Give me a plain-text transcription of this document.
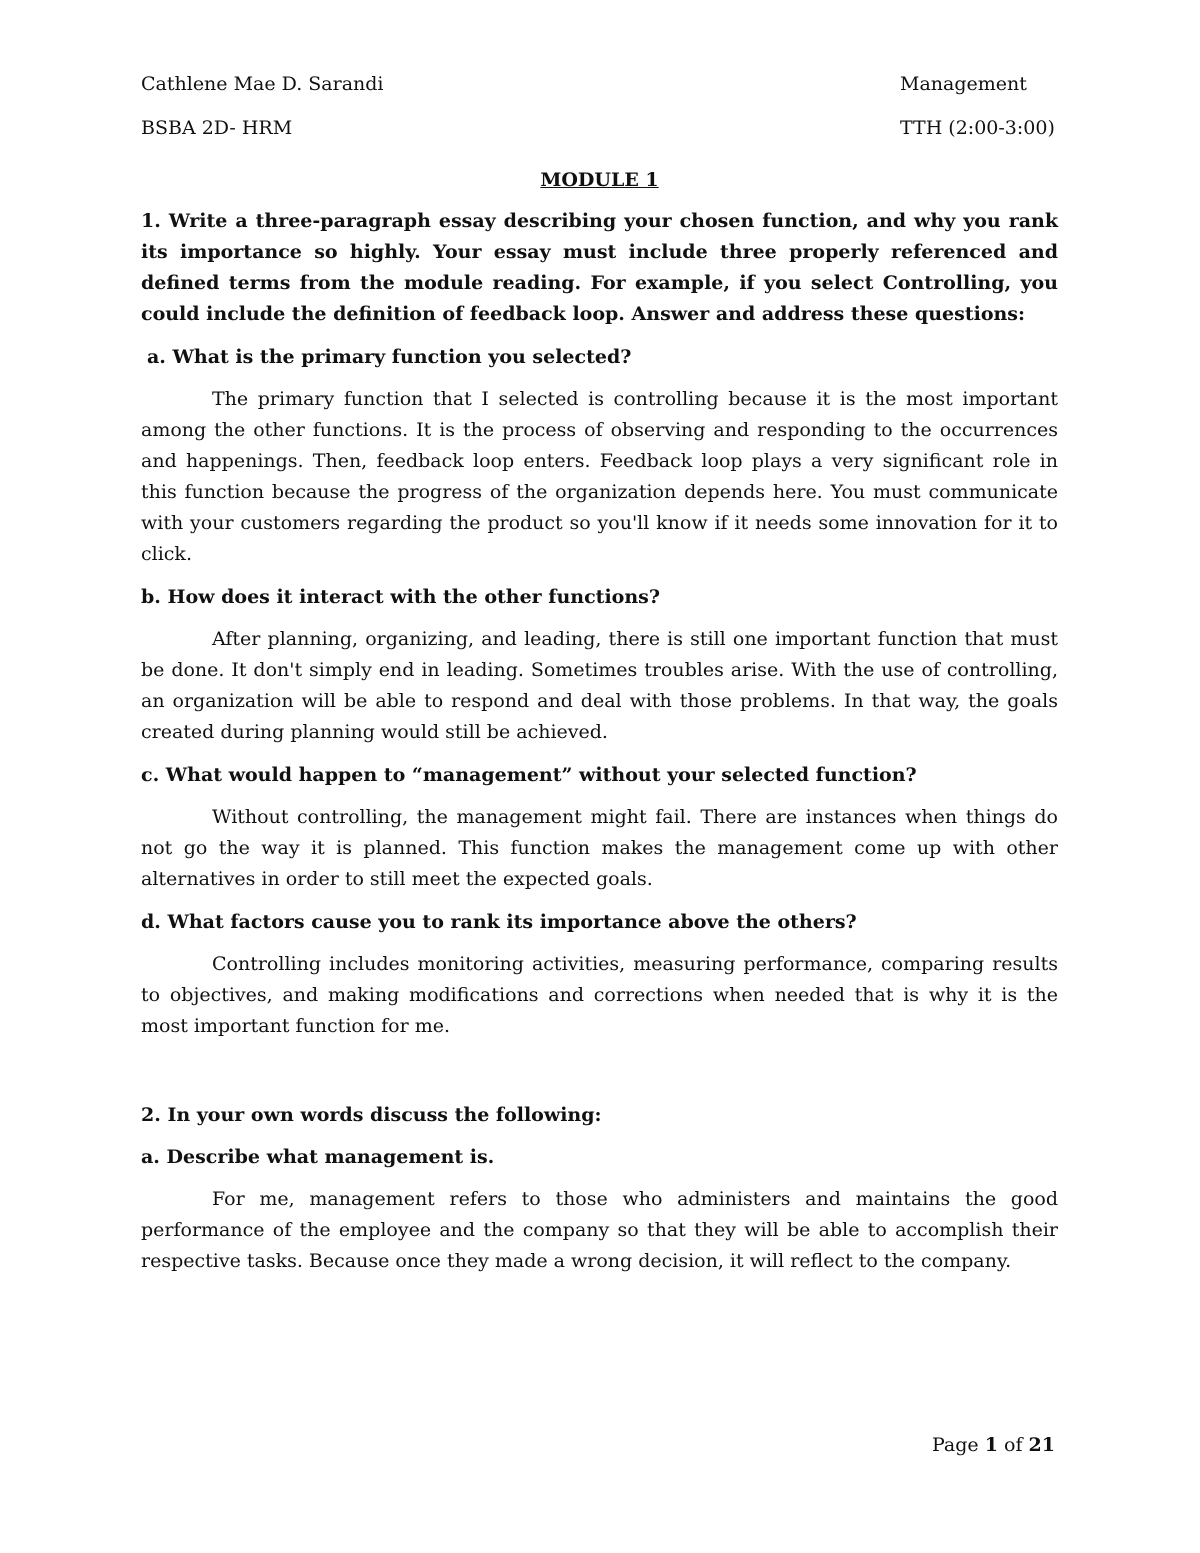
Cathlene Mae D. Sarandi
BSBA 2D- HRM
Management
TTH (2:00-3:00)
MODULE 1
1. Write a three-paragraph essay describing your chosen function, and why you rank its importance so highly. Your essay must include three properly referenced and defined terms from the module reading. For example, if you select Controlling, you could include the definition of feedback loop. Answer and address these questions:
a. What is the primary function you selected?
The primary function that I selected is controlling because it is the most important among the other functions. It is the process of observing and responding to the occurrences and happenings. Then, feedback loop enters. Feedback loop plays a very significant role in this function because the progress of the organization depends here. You must communicate with your customers regarding the product so you'll know if it needs some innovation for it to click.
b. How does it interact with the other functions?
After planning, organizing, and leading, there is still one important function that must be done. It don't simply end in leading. Sometimes troubles arise. With the use of controlling, an organization will be able to respond and deal with those problems. In that way, the goals created during planning would still be achieved.
c. What would happen to “management” without your selected function?
Without controlling, the management might fail. There are instances when things do not go the way it is planned. This function makes the management come up with other alternatives in order to still meet the expected goals.
d. What factors cause you to rank its importance above the others?
Controlling includes monitoring activities, measuring performance, comparing results to objectives, and making modifications and corrections when needed that is why it is the most important function for me.
2. In your own words discuss the following:
a. Describe what management is.
For me, management refers to those who administers and maintains the good performance of the employee and the company so that they will be able to accomplish their respective tasks. Because once they made a wrong decision, it will reflect to the company.
Page 1 of 21
